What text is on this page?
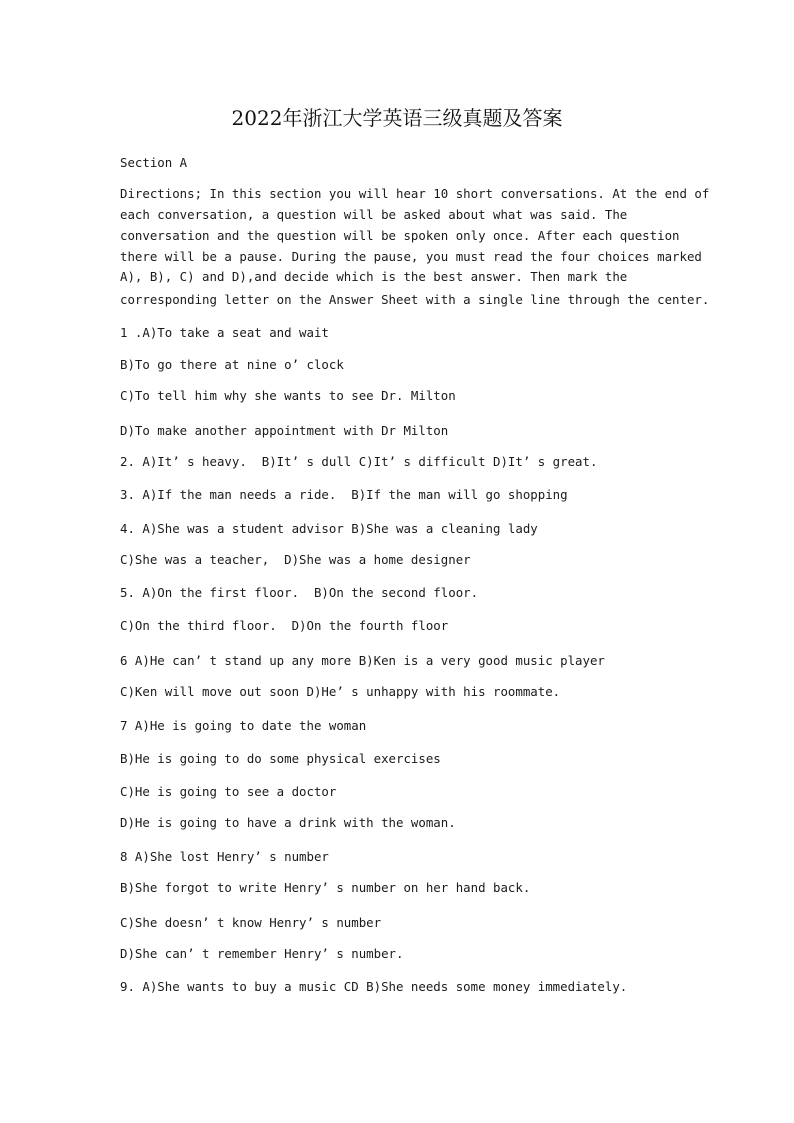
2022年浙江大学英语三级真题及答案

Section A

Directions; In this section you will hear 10 short conversations. At the end of

each conversation, a question will be asked about what was said. The

conversation and the question will be spoken only once. After each question

there will be a pause. During the pause, you must read the four choices marked

A), B), C) and D),and decide which is the best answer. Then mark the

corresponding letter on the Answer Sheet with a single line through the center.

1 .A)To take a seat and wait

B)To go there at nine o’ clock

C)To tell him why she wants to see Dr. Milton

D)To make another appointment with Dr Milton

2. A)It’ s heavy.  B)It’ s dull C)It’ s difficult D)It’ s great.

3. A)If the man needs a ride.  B)If the man will go shopping

4. A)She was a student advisor B)She was a cleaning lady

C)She was a teacher,  D)She was a home designer

5. A)On the first floor.  B)On the second floor.

C)On the third floor.  D)On the fourth floor

6 A)He can’ t stand up any more B)Ken is a very good music player

C)Ken will move out soon D)He’ s unhappy with his roommate.

7 A)He is going to date the woman

B)He is going to do some physical exercises

C)He is going to see a doctor

D)He is going to have a drink with the woman.

8 A)She lost Henry’ s number

B)She forgot to write Henry’ s number on her hand back.

C)She doesn’ t know Henry’ s number

D)She can’ t remember Henry’ s number.

9. A)She wants to buy a music CD B)She needs some money immediately.
